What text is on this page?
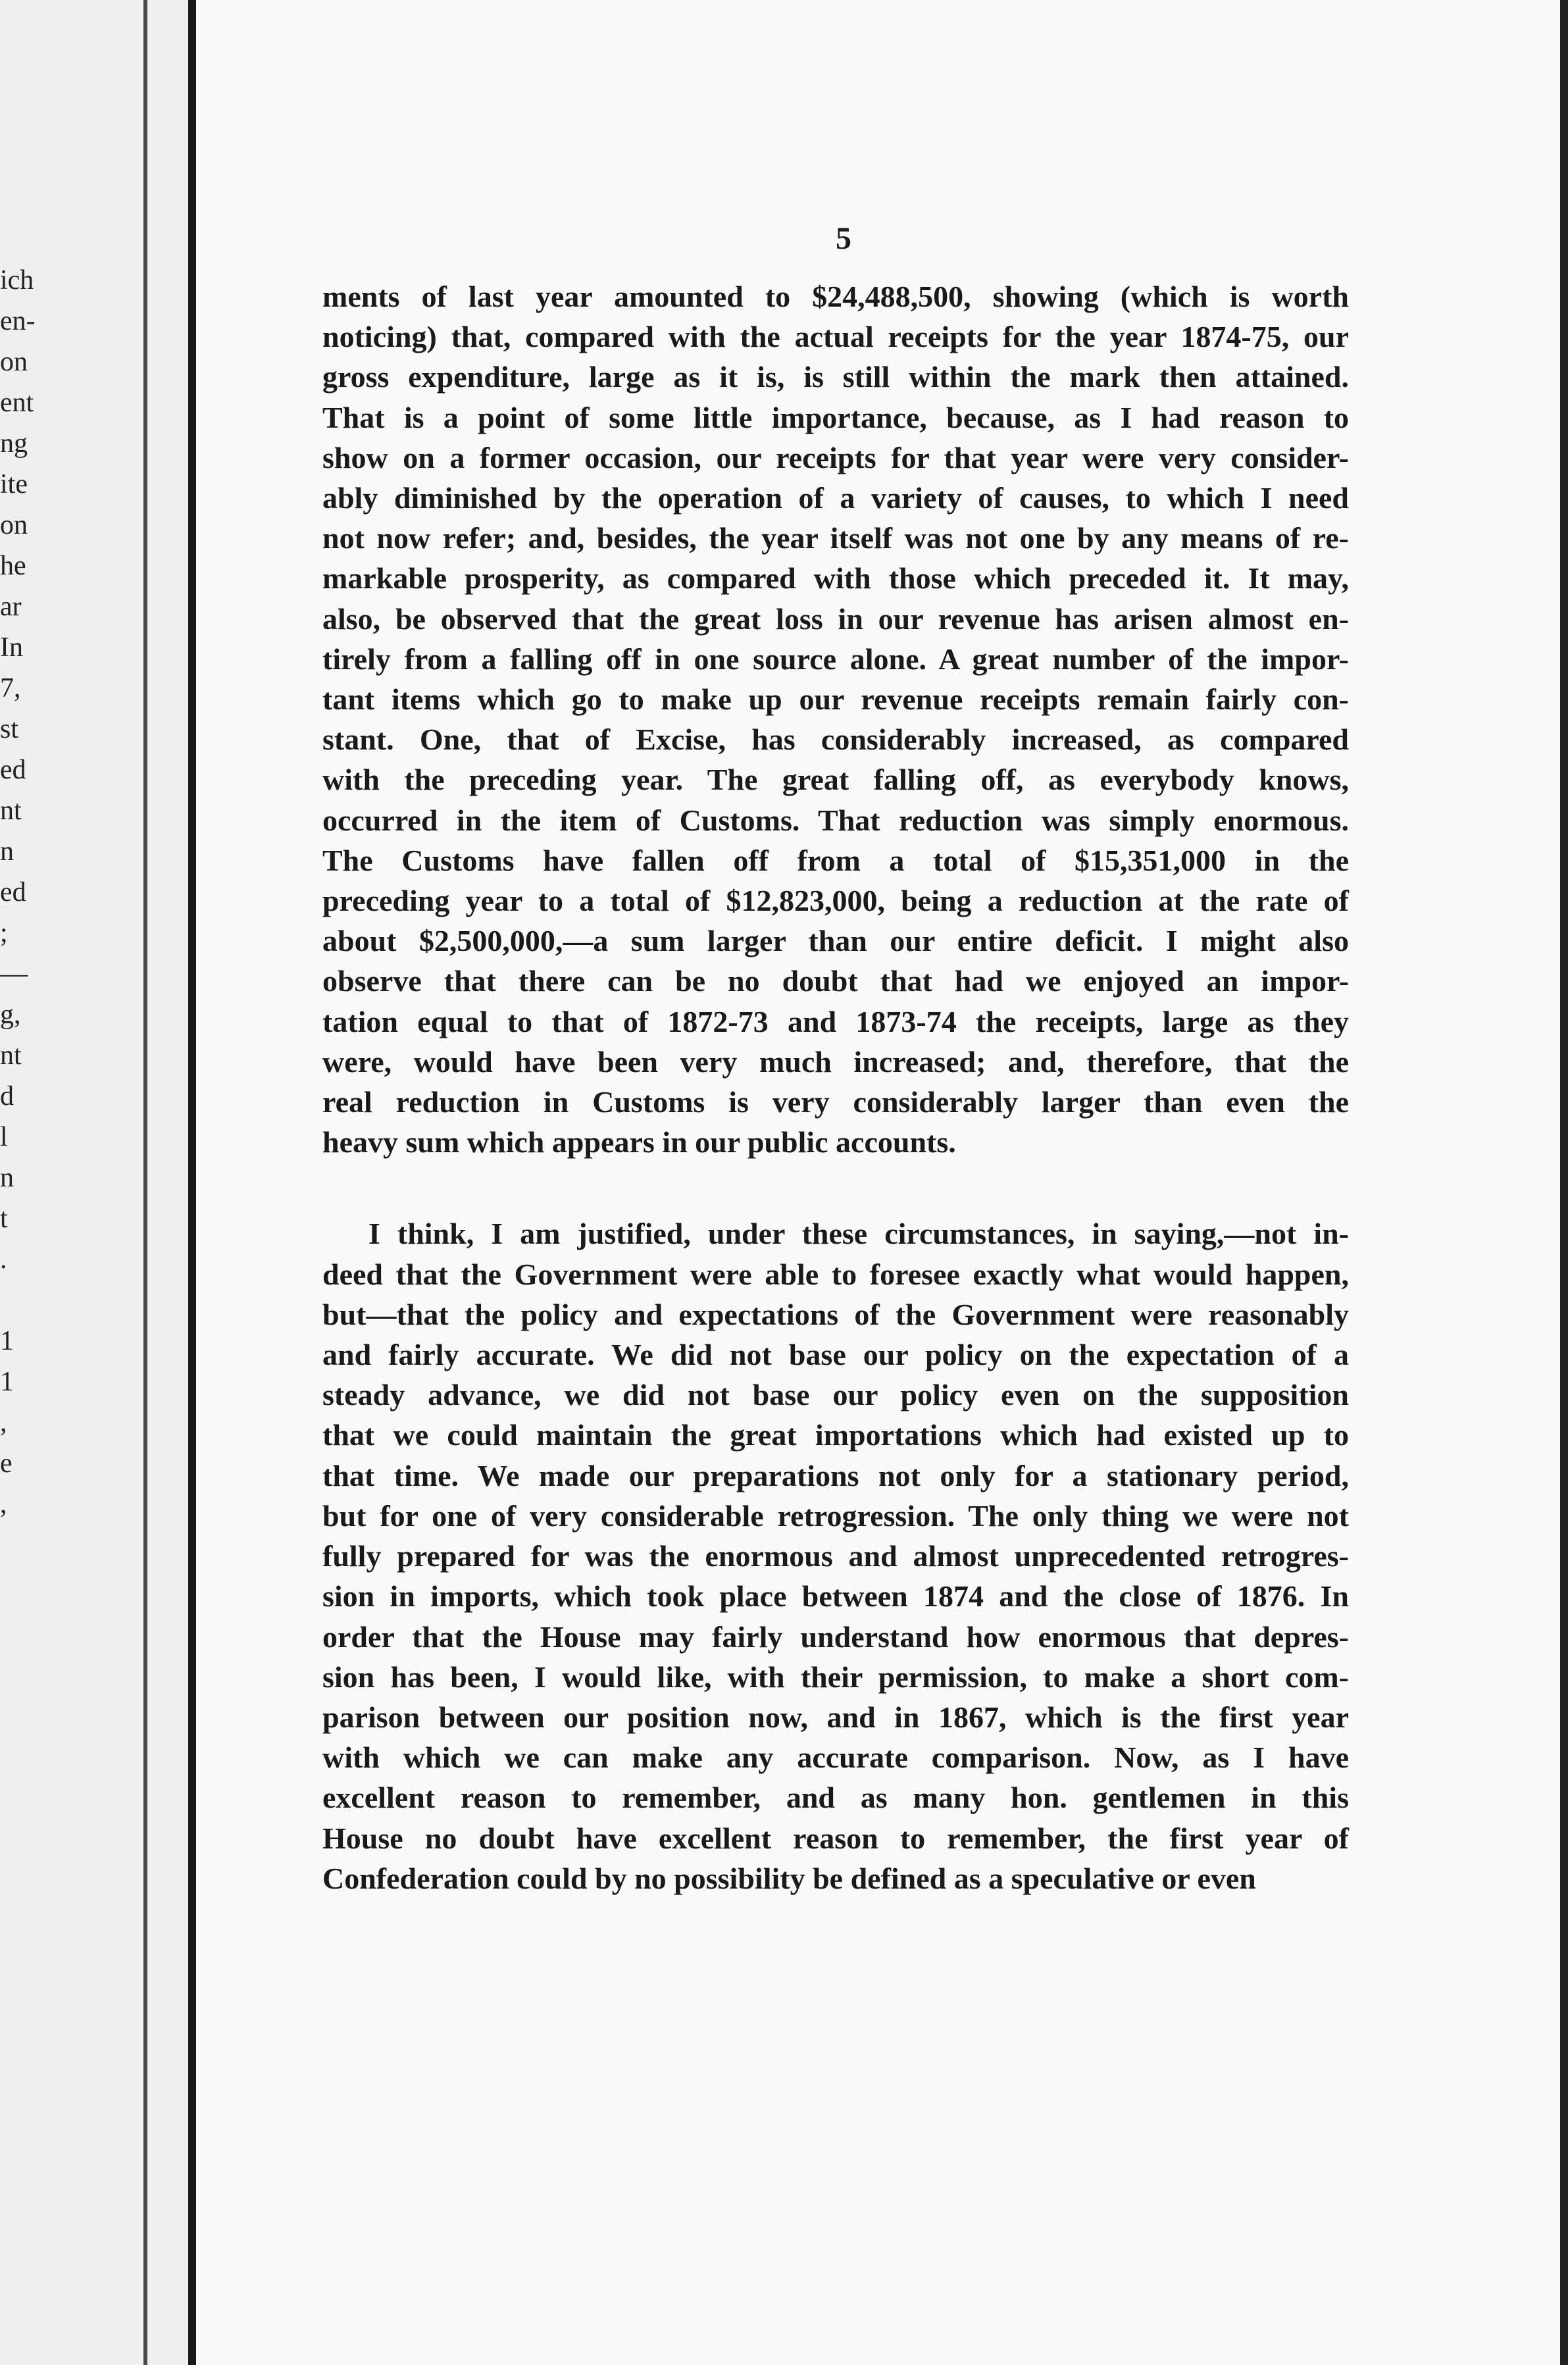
ich
en-
on
ent
ng
ite
on
he
ar
In
7,
st
ed
nt
n
ed
;
—
g,
nt
d
l
n
t
.
1
1
,
e
,
5

ments of last year amounted to $24,488,500, showing (which is worth
noticing) that, compared with the actual receipts for the year 1874-75, our
gross expenditure, large as it is, is still within the mark then attained.
That is a point of some little importance, because, as I had reason to
show on a former occasion, our receipts for that year were very consider-
ably diminished by the operation of a variety of causes, to which I need
not now refer; and, besides, the year itself was not one by any means of re-
markable prosperity, as compared with those which preceded it. It may,
also, be observed that the great loss in our revenue has arisen almost en-
tirely from a falling off in one source alone. A great number of the impor-
tant items which go to make up our revenue receipts remain fairly con-
stant. One, that of Excise, has considerably increased, as compared
with the preceding year. The great falling off, as everybody knows,
occurred in the item of Customs. That reduction was simply enormous.
The Customs have fallen off from a total of $15,351,000 in the
preceding year to a total of $12,823,000, being a reduction at the rate of
about $2,500,000,—a sum larger than our entire deficit. I might also
observe that there can be no doubt that had we enjoyed an impor-
tation equal to that of 1872-73 and 1873-74 the receipts, large as they
were, would have been very much increased; and, therefore, that the
real reduction in Customs is very considerably larger than even the
heavy sum which appears in our public accounts.

I think, I am justified, under these circumstances, in saying,—not in-
deed that the Government were able to foresee exactly what would happen,
but—that the policy and expectations of the Government were reasonably
and fairly accurate. We did not base our policy on the expectation of a
steady advance, we did not base our policy even on the supposition
that we could maintain the great importations which had existed up to
that time. We made our preparations not only for a stationary period,
but for one of very considerable retrogression. The only thing we were not
fully prepared for was the enormous and almost unprecedented retrogres-
sion in imports, which took place between 1874 and the close of 1876. In
order that the House may fairly understand how enormous that depres-
sion has been, I would like, with their permission, to make a short com-
parison between our position now, and in 1867, which is the first year
with which we can make any accurate comparison. Now, as I have
excellent reason to remember, and as many hon. gentlemen in this
House no doubt have excellent reason to remember, the first year of
Confederation could by no possibility be defined as a speculative or even
